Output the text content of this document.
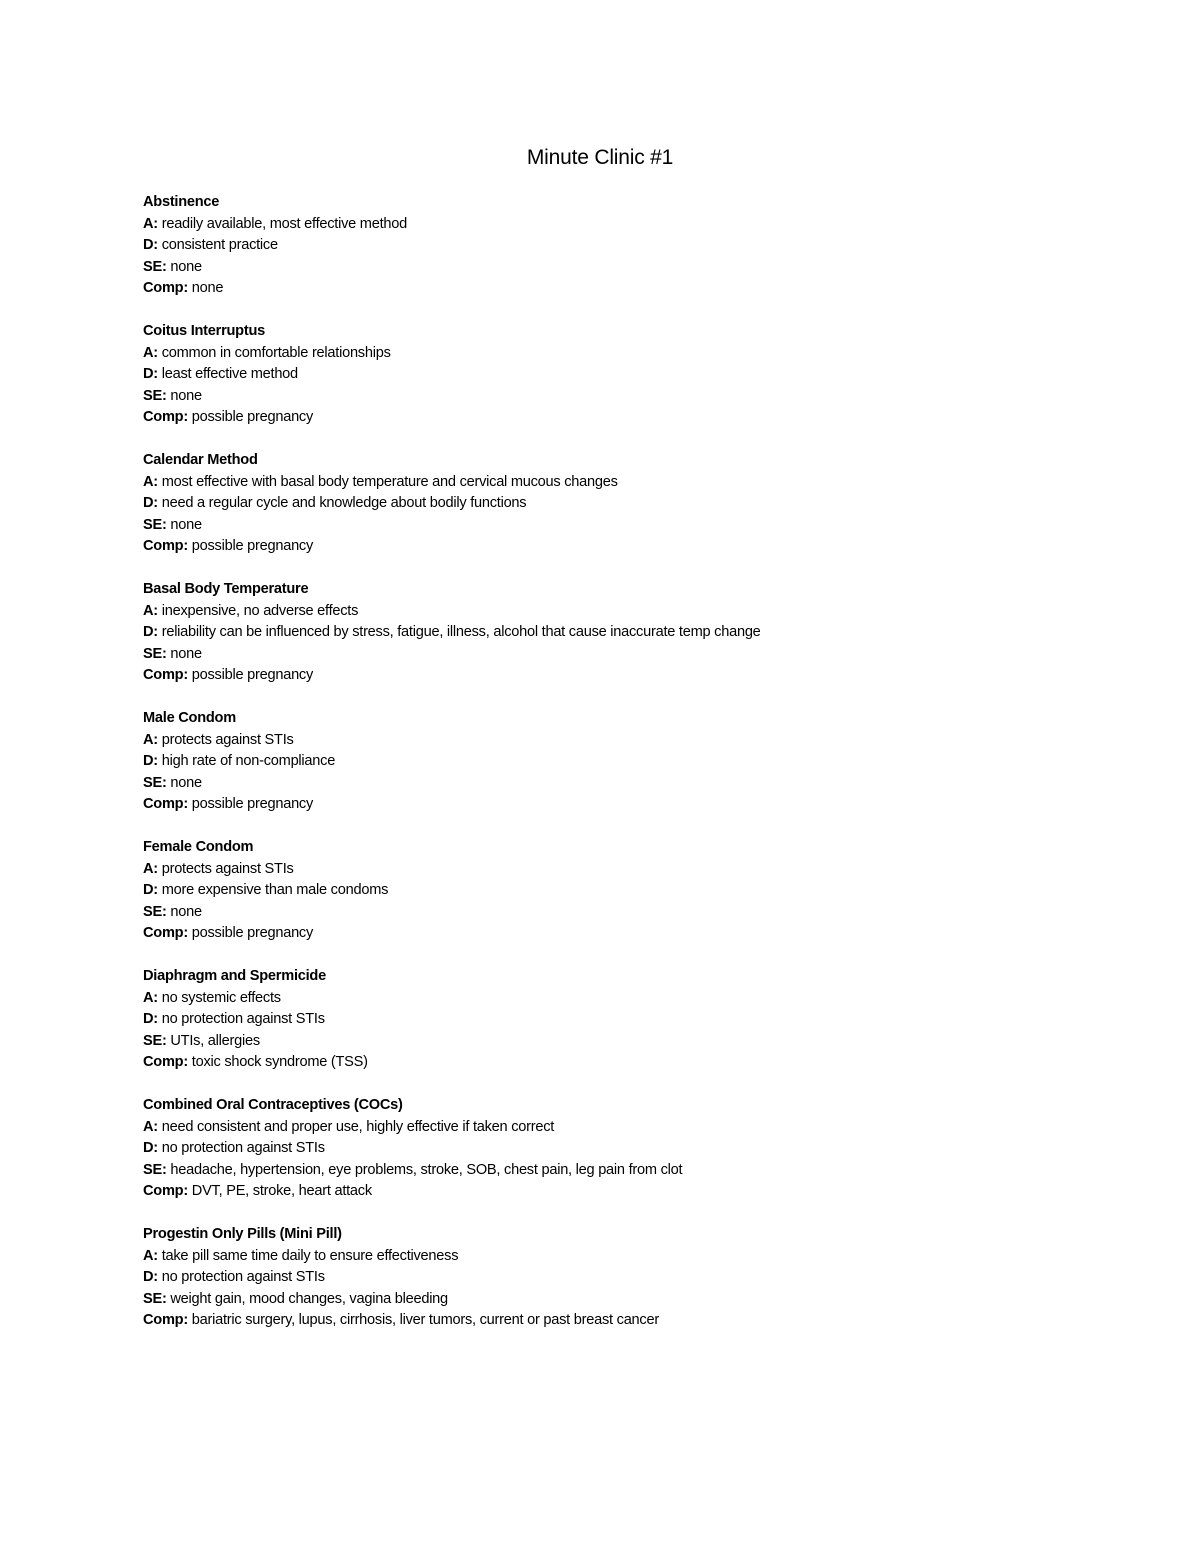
Minute Clinic #1
Abstinence
A: readily available, most effective method
D: consistent practice
SE: none
Comp: none
Coitus Interruptus
A: common in comfortable relationships
D: least effective method
SE: none
Comp: possible pregnancy
Calendar Method
A: most effective with basal body temperature and cervical mucous changes
D: need a regular cycle and knowledge about bodily functions
SE: none
Comp: possible pregnancy
Basal Body Temperature
A: inexpensive, no adverse effects
D: reliability can be influenced by stress, fatigue, illness, alcohol that cause inaccurate temp change
SE: none
Comp: possible pregnancy
Male Condom
A: protects against STIs
D: high rate of non-compliance
SE: none
Comp: possible pregnancy
Female Condom
A: protects against STIs
D: more expensive than male condoms
SE: none
Comp: possible pregnancy
Diaphragm and Spermicide
A: no systemic effects
D: no protection against STIs
SE: UTIs, allergies
Comp: toxic shock syndrome (TSS)
Combined Oral Contraceptives (COCs)
A: need consistent and proper use, highly effective if taken correct
D: no protection against STIs
SE: headache, hypertension, eye problems, stroke, SOB, chest pain, leg pain from clot
Comp: DVT, PE, stroke, heart attack
Progestin Only Pills (Mini Pill)
A: take pill same time daily to ensure effectiveness
D: no protection against STIs
SE: weight gain, mood changes, vagina bleeding
Comp: bariatric surgery, lupus, cirrhosis, liver tumors, current or past breast cancer
